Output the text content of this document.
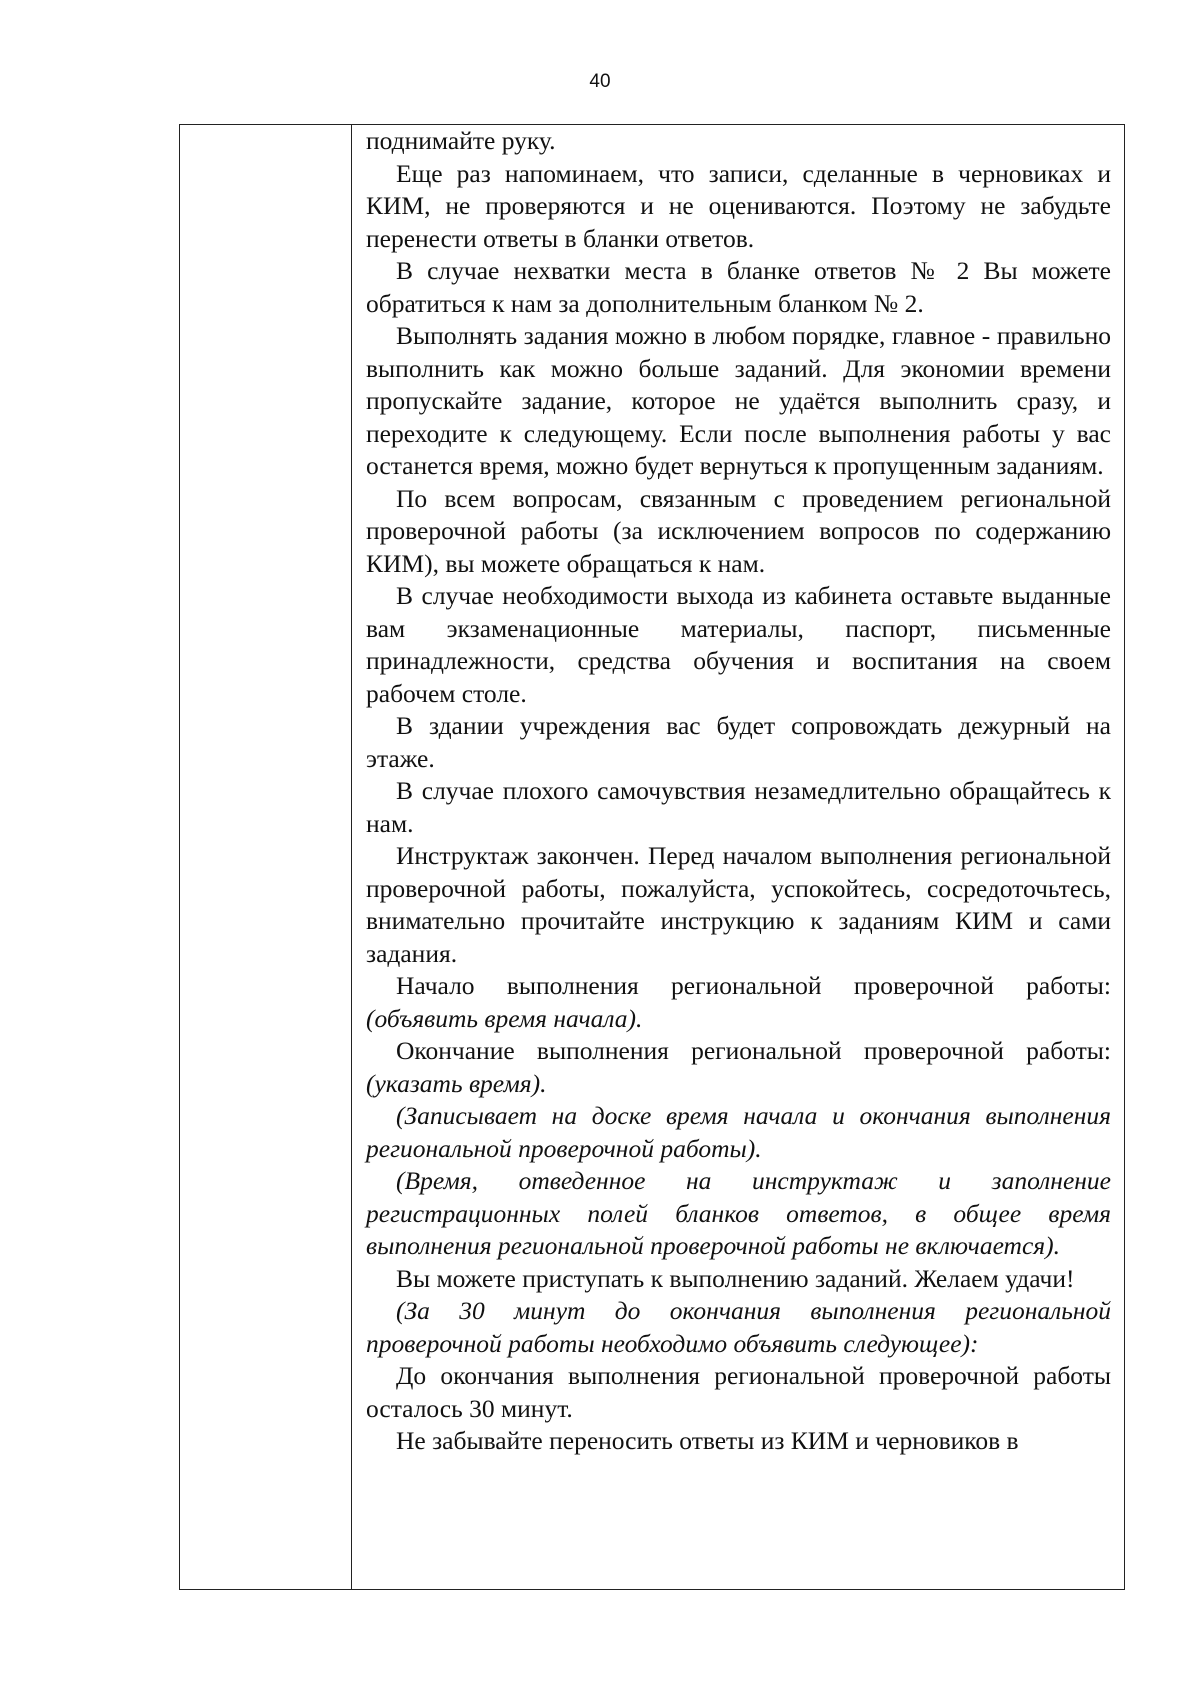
40

поднимайте руку.

Еще раз напоминаем, что записи, сделанные в черновиках и КИМ, не проверяются и не оцениваются. Поэтому не забудьте перенести ответы в бланки ответов.

В случае нехватки места в бланке ответов № 2 Вы можете обратиться к нам за дополнительным бланком № 2.

Выполнять задания можно в любом порядке, главное - правильно выполнить как можно больше заданий. Для экономии времени пропускайте задание, которое не удаётся выполнить сразу, и переходите к следующему. Если после выполнения работы у вас останется время, можно будет вернуться к пропущенным заданиям.

По всем вопросам, связанным с проведением региональной проверочной работы (за исключением вопросов по содержанию КИМ), вы можете обращаться к нам.

В случае необходимости выхода из кабинета оставьте выданные вам экзаменационные материалы, паспорт, письменные принадлежности, средства обучения и воспитания на своем рабочем столе.

В здании учреждения вас будет сопровождать дежурный на этаже.

В случае плохого самочувствия незамедлительно обращайтесь к нам.

Инструктаж закончен. Перед началом выполнения региональной проверочной работы, пожалуйста, успокойтесь, сосредоточьтесь, внимательно прочитайте инструкцию к заданиям КИМ и сами задания.

Начало выполнения региональной проверочной работы: (объявить время начала).

Окончание выполнения региональной проверочной работы: (указать время).

(Записывает на доске время начала и окончания выполнения региональной проверочной работы).

(Время, отведенное на инструктаж и заполнение регистрационных полей бланков ответов, в общее время выполнения региональной проверочной работы не включается).

Вы можете приступать к выполнению заданий. Желаем удачи!

(За 30 минут до окончания выполнения региональной проверочной работы необходимо объявить следующее):

До окончания выполнения региональной проверочной работы осталось 30 минут.

Не забывайте переносить ответы из КИМ и черновиков в
